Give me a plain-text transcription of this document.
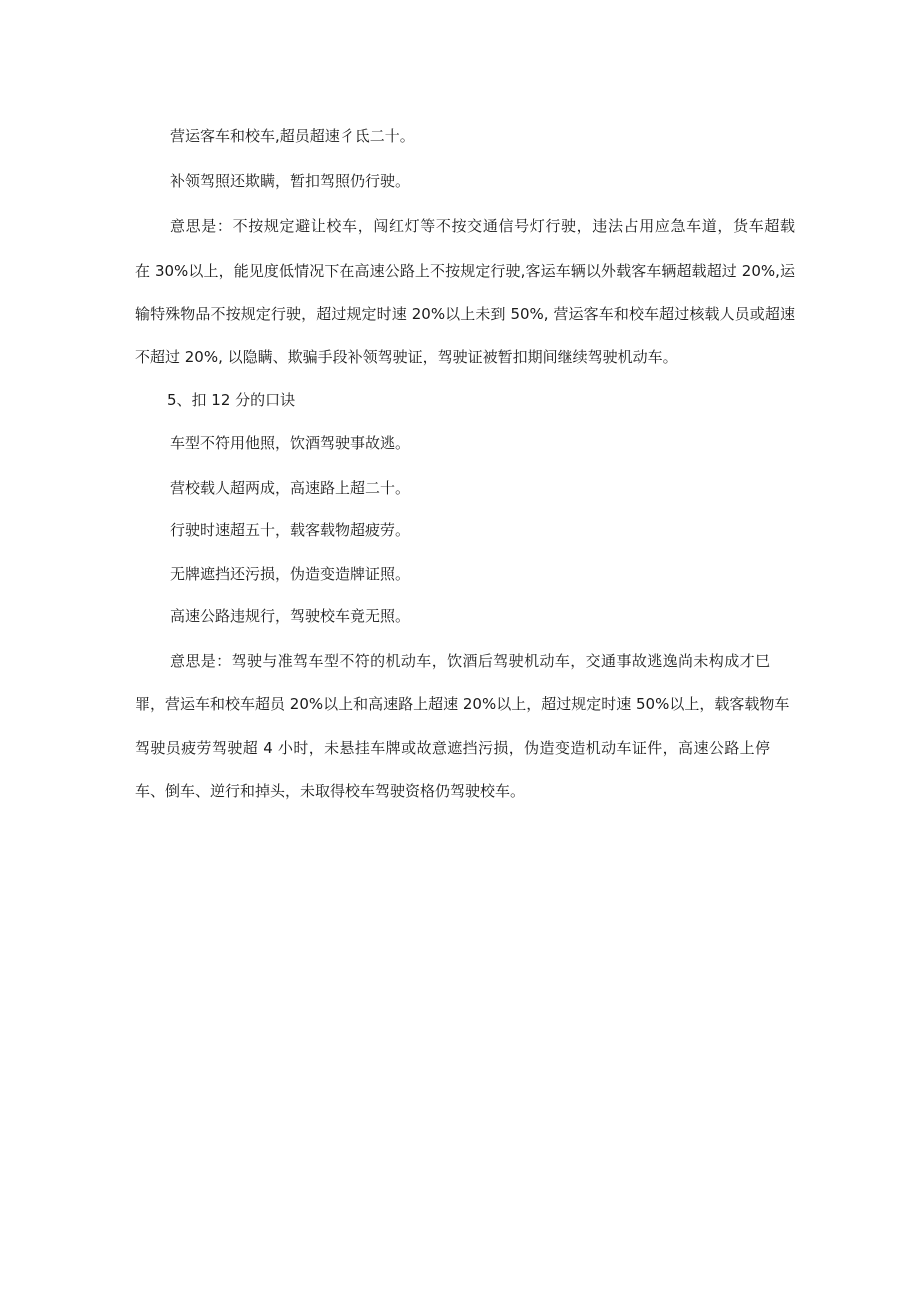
营运客车和校车,超员超速彳氐二十。

补领驾照还欺瞒，暂扣驾照仍行驶。

意思是：不按规定避让校车，闯红灯等不按交通信号灯行驶，违法占用应急车道，货车超载

在 30%以上，能见度低情况下在高速公路上不按规定行驶,客运车辆以外载客车辆超载超过 20%,运

输特殊物品不按规定行驶，超过规定时速 20%以上未到 50%, 营运客车和校车超过核载人员或超速

不超过 20%, 以隐瞒、欺骗手段补领驾驶证，驾驶证被暂扣期间继续驾驶机动车。

5、扣 12 分的口诀

车型不符用他照，饮酒驾驶事故逃。

营校载人超两成，高速路上超二十。

行驶时速超五十，载客载物超疲劳。

无牌遮挡还污损，伪造变造牌证照。

高速公路违规行，驾驶校车竟无照。

意思是：驾驶与准驾车型不符的机动车，饮酒后驾驶机动车，交通事故逃逸尚未构成才巳

罪，营运车和校车超员 20%以上和高速路上超速 20%以上，超过规定时速 50%以上，载客载物车

驾驶员疲劳驾驶超 4 小时，未悬挂车牌或故意遮挡污损，伪造变造机动车证件，高速公路上停

车、倒车、逆行和掉头，未取得校车驾驶资格仍驾驶校车。
